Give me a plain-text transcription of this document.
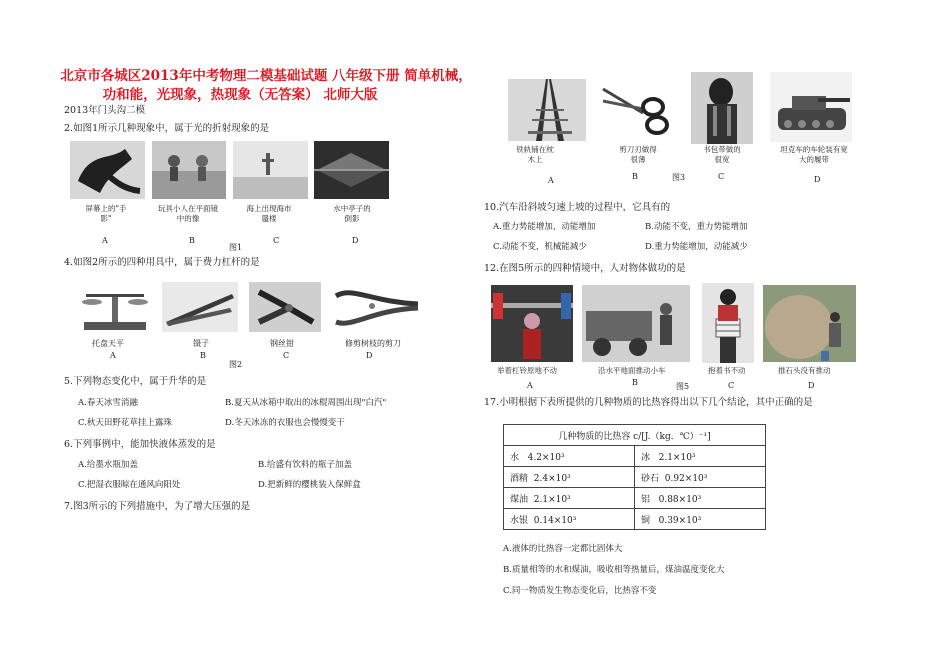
北京市各城区2013年中考物理二模基础试题 八年级下册 简单机械，
功和能，光现象，热现象（无答案） 北师大版
2013年门头沟二模
2.如图1所示几种现象中，属于光的折射现象的是
屏幕上的"手影"
玩具小人在平面镜中的像
海上出现海市蜃楼
水中亭子的倒影
A	B	C	D
图1
4.如图2所示的四种用具中，属于费力杠杆的是
托盘天平	镊子	钢丝钳	修剪树枝的剪刀
A	B	C	D
图2
5.下列物态变化中，属于升华的是
A.春天冰雪消融	B.夏天从冰箱中取出的冰棍周围出现"白汽"
C.秋天田野花草挂上露珠	D.冬天冰冻的衣服也会慢慢变干
6.下列事例中，能加快液体蒸发的是
A.给墨水瓶加盖	B.给盛有饮料的瓶子加盖
C.把湿衣服晾在通风向阳处	D.把新鲜的樱桃装入保鲜盒
7.图3所示的下列措施中，为了增大压强的是
铁轨铺在枕木上
剪刀刃做得很薄
书包带做的很宽
坦克车的车轮装有宽大的履带
A	B	图3	C	D
10.汽车沿斜坡匀速上坡的过程中，它具有的
A.重力势能增加，动能增加	B.动能不变，重力势能增加
C.动能不变，机械能减少	D.重力势能增加，动能减少
12.在图5所示的四种情境中，人对物体做功的是
举着杠铃原地不动	沿水平地面推动小车	抱着书不动	推石头没有推动
A	B	图5	C	D
17.小明根据下表所提供的几种物质的比热容得出以下几个结论，其中正确的是
几种物质的比热容 c/[J.（kg．℃）⁻¹]	
水 4.2×10³	冰 2.1×10³
酒精 2.4×10³	砂石 0.92×10³
煤油 2.1×10³	铝 0.88×10³
水银 0.14×10³	铜 0.39×10³
A.液体的比热容一定都比固体大
B.质量相等的水和煤油，吸收相等热量后，煤油温度变化大
C.同一物质发生物态变化后，比热容不变
